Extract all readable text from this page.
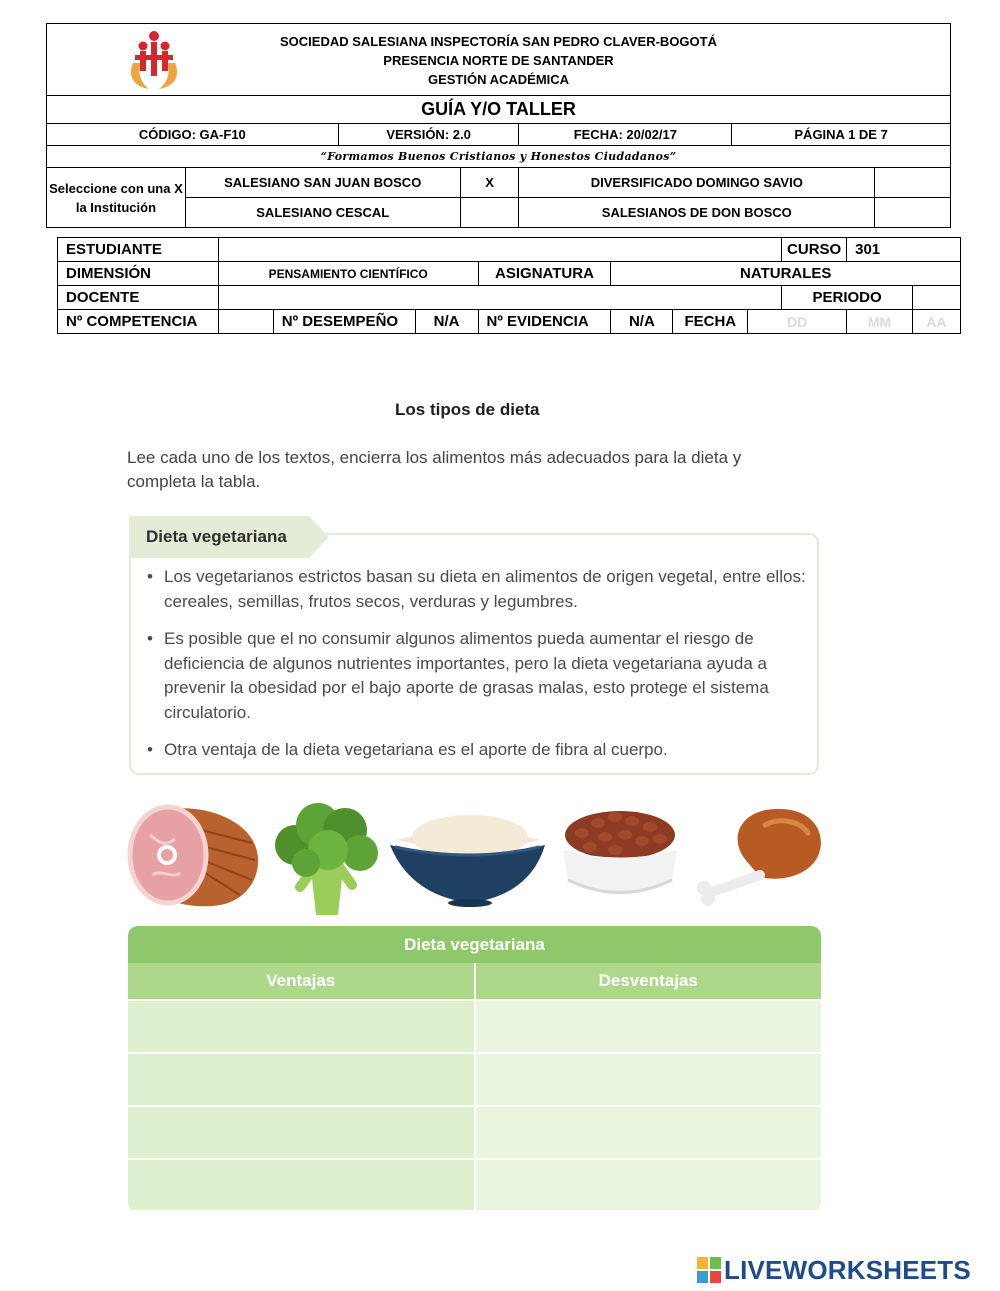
SOCIEDAD SALESIANA INSPECTORÍA SAN PEDRO CLAVER-BOGOTÁ
PRESENCIA NORTE DE SANTANDER
GESTIÓN ACADÉMICA						

GUÍA Y/O TALLER						
CÓDIGO: GA-F10		VERSIÓN: 2.0		FECHA: 20/02/17	PÁGINA 1 DE 7	
“Formamos Buenos Cristianos y Honestos Ciudadanos”						
Seleccione con una X la Institución	SALESIANO SAN JUAN BOSCO		X	DIVERSIFICADO DOMINGO SAVIO		
	SALESIANO CESCAL			SALESIANOS DE DON BOSCO		
ESTUDIANTE								CURSO	301	
DIMENSIÓN	PENSAMIENTO CIENTÍFICO			ASIGNATURA	NATURALES					
DOCENTE								PERIODO		
Nº COMPETENCIA		Nº DESEMPEÑO	N/A	Nº EVIDENCIA	N/A	FECHA	DD		MM	AA
Los tipos de dieta
Lee cada uno de los textos, encierra los alimentos más adecuados para la dieta y completa la tabla.
Dieta vegetariana
• Los vegetarianos estrictos basan su dieta en alimentos de origen vegetal, entre ellos: cereales, semillas, frutos secos, verduras y legumbres.
• Es posible que el no consumir algunos alimentos pueda aumentar el riesgo de deficiencia de algunos nutrientes importantes, pero la dieta vegetariana ayuda a prevenir la obesidad por el bajo aporte de grasas malas, esto protege el sistema circulatorio.
• Otra ventaja de la dieta vegetariana es el aporte de fibra al cuerpo.
Dieta vegetariana
Ventajas	Desventajas
LIVEWORKSHEETS
